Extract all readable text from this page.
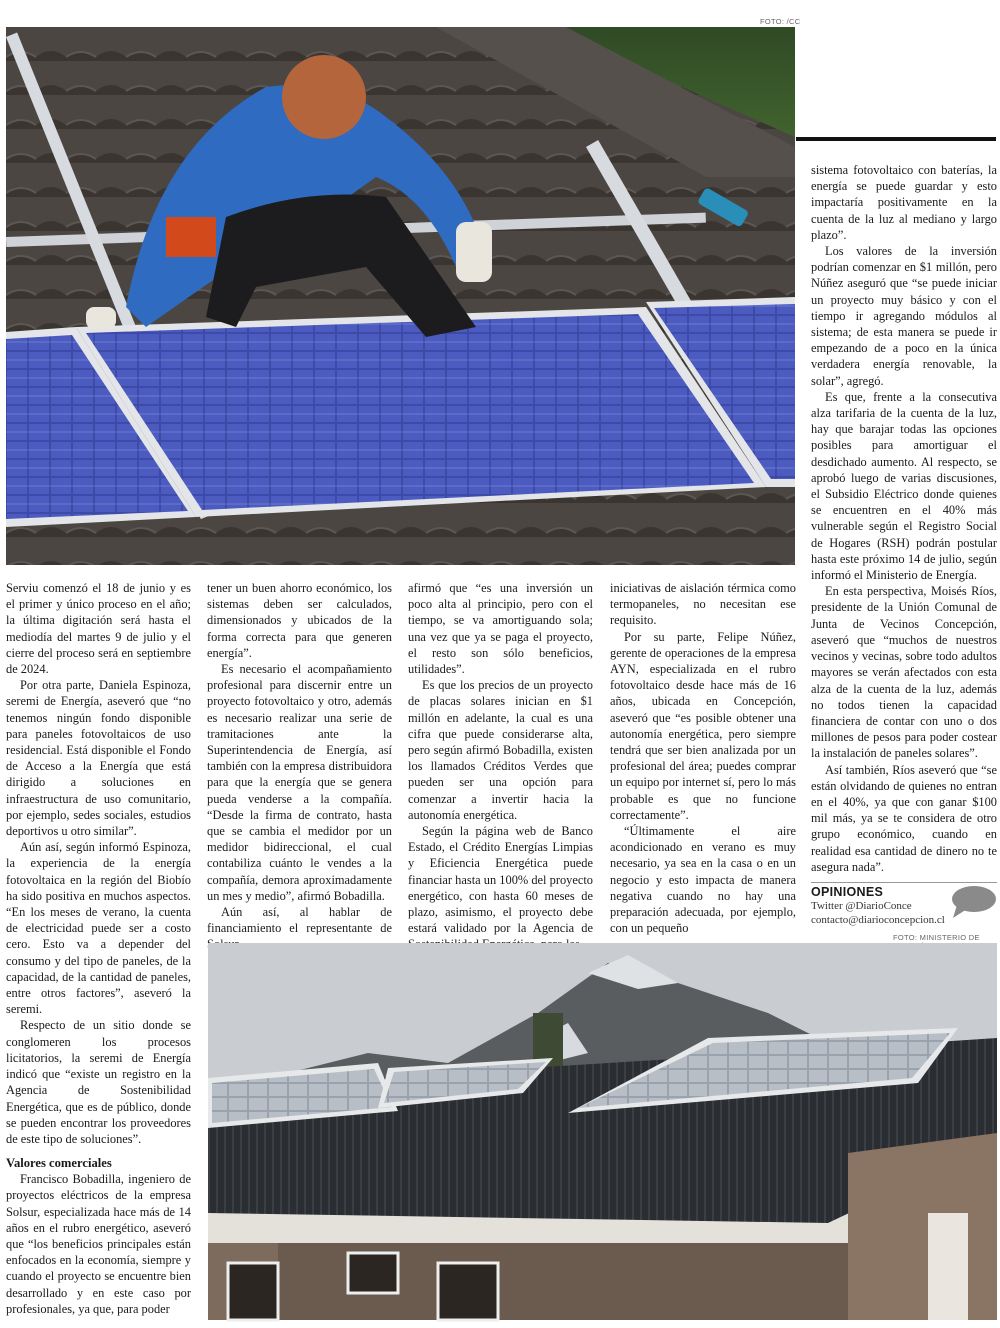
FOTO: /CC

Serviu comenzó el 18 de junio y es el primer y único proceso en el año; la última digitación será hasta el mediodía del martes 9 de julio y el cierre del proceso será en septiembre de 2024.

Por otra parte, Daniela Espinoza, seremi de Energía, aseveró que “no tenemos ningún fondo disponible para paneles fotovoltaicos de uso residencial. Está disponible el Fondo de Acceso a la Energía que está dirigido a soluciones en infraestructura de uso comunitario, por ejemplo, sedes sociales, estudios deportivos u otro similar”.

Aún así, según informó Espinoza, la experiencia de la energía fotovoltaica en la región del Biobío ha sido positiva en muchos aspectos. “En los meses de verano, la cuenta de electricidad puede ser a costo cero. Esto va a depender del consumo y del tipo de paneles, de la capacidad, de la cantidad de paneles, entre otros factores”, aseveró la seremi.

Respecto de un sitio donde se conglomeren los procesos licitatorios, la seremi de Energía indicó que “existe un registro en la Agencia de Sostenibilidad Energética, que es de público, donde se pueden encontrar los proveedores de este tipo de soluciones”.

Valores comerciales

Francisco Bobadilla, ingeniero de proyectos eléctricos de la empresa Solsur, especializada hace más de 14 años en el rubro energético, aseveró que “los beneficios principales están enfocados en la economía, siempre y cuando el proyecto se encuentre bien desarrollado y en este caso por profesionales, ya que, para poder

tener un buen ahorro económico, los sistemas deben ser calculados, dimensionados y ubicados de la forma correcta para que generen energía”.

Es necesario el acompañamiento profesional para discernir entre un proyecto fotovoltaico y otro, además es necesario realizar una serie de tramitaciones ante la Superintendencia de Energía, así también con la empresa distribuidora para que la energía que se genera pueda venderse a la compañía. “Desde la firma de contrato, hasta que se cambia el medidor por un medidor bidireccional, el cual contabiliza cuánto le vendes a la compañía, demora aproximadamente un mes y medio”, afirmó Bobadilla.

Aún así, al hablar de financiamiento el representante de

afirmó que “es una inversión un poco alta al principio, pero con el tiempo, se va amortiguando sola; una vez que ya se paga el proyecto, el resto son sólo beneficios, utilidades”.

Es que los precios de un proyecto de placas solares inician en $1 millón en adelante, la cual es una cifra que puede considerarse alta, pero según afirmó Bobadilla, existen los llamados Créditos Verdes que pueden ser una opción para comenzar a invertir hacia la autonomía energética.

Según la página web de Banco Estado, el Crédito Energías Limpias y Eficiencia Energética puede financiar hasta un 100% del proyecto energético, con hasta 60 meses de plazo, asimismo, el proyecto debe estará validado por la Agencia de

iniciativas de aislación térmica como termopaneles, no necesitan ese requisito.

Por su parte, Felipe Núñez, gerente de operaciones de la empresa AYN, especializada en el rubro fotovoltaico desde hace más de 16 años, ubicada en Concepción, aseveró que “es posible obtener una autonomía energética, pero siempre tendrá que ser bien analizada por un profesional del área; puedes comprar un equipo por internet sí, pero lo más probable es que no funcione correctamente”.

“Últimamente el aire acondicionado en verano es muy necesario, ya sea en la casa o en un negocio y esto impacta de manera negativa cuando no hay una preparación adecuada, por ejemplo, con un pequeño

sistema fotovoltaico con baterías, la energía se puede guardar y esto impactaría positivamente en la cuenta de la luz al mediano y largo plazo”.

Los valores de la inversión podrían comenzar en $1 millón, pero Núñez aseguró que “se puede iniciar un proyecto muy básico y con el tiempo ir agregando módulos al sistema; de esta manera se puede ir empezando de a poco en la única verdadera energía renovable, la solar”, agregó.

Es que, frente a la consecutiva alza tarifaria de la cuenta de la luz, hay que barajar todas las opciones posibles para amortiguar el desdichado aumento. Al respecto, se aprobó luego de varias discusiones, el Subsidio Eléctrico donde quienes se encuentren en el 40% más vulnerable según el Registro Social de Hogares (RSH) podrán postular hasta este próximo 14 de julio, según informó el Ministerio de Energía.

En esta perspectiva, Moisés Ríos, presidente de la Unión Comunal de Junta de Vecinos Concepción, aseveró que “muchos de nuestros vecinos y vecinas, sobre todo adultos mayores se verán afectados con esta alza de la cuenta de la luz, además no todos tienen la capacidad financiera de contar con uno o dos millones de pesos para poder costear la instalación de paneles solares”.

Así también, Ríos aseveró que “se están olvidando de quienes no entran en el 40%, ya que con ganar $100 mil más, ya se te considera de otro grupo económico, cuando en realidad esa cantidad de dinero no te asegura nada”.

OPINIONES
Twitter @DiarioConce
contacto@diarioconcepcion.cl
FOTO: MINISTERIO DE
